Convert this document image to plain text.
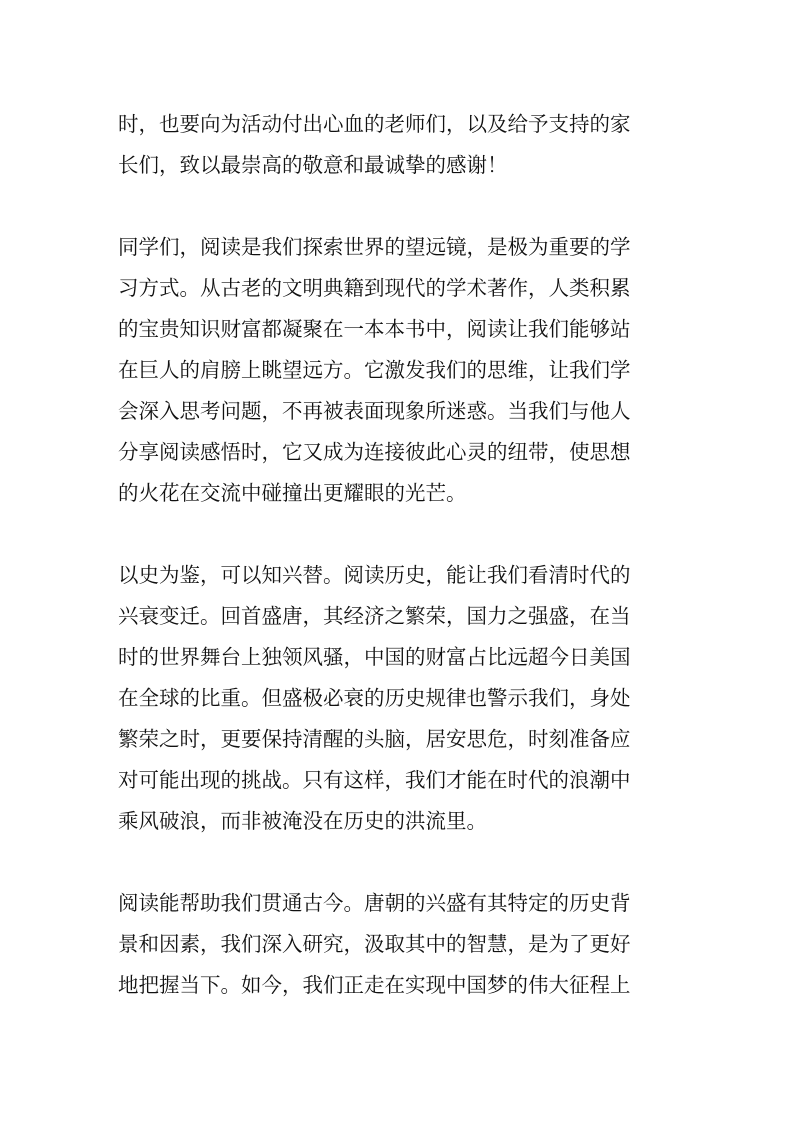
时，也要向为活动付出心血的老师们，以及给予支持的家
长们，致以最崇高的敬意和最诚挚的感谢！
同学们，阅读是我们探索世界的望远镜，是极为重要的学
习方式。从古老的文明典籍到现代的学术著作，人类积累
的宝贵知识财富都凝聚在一本本书中，阅读让我们能够站
在巨人的肩膀上眺望远方。它激发我们的思维，让我们学
会深入思考问题，不再被表面现象所迷惑。当我们与他人
分享阅读感悟时，它又成为连接彼此心灵的纽带，使思想
的火花在交流中碰撞出更耀眼的光芒。
以史为鉴，可以知兴替。阅读历史，能让我们看清时代的
兴衰变迁。回首盛唐，其经济之繁荣，国力之强盛，在当
时的世界舞台上独领风骚，中国的财富占比远超今日美国
在全球的比重。但盛极必衰的历史规律也警示我们，身处
繁荣之时，更要保持清醒的头脑，居安思危，时刻准备应
对可能出现的挑战。只有这样，我们才能在时代的浪潮中
乘风破浪，而非被淹没在历史的洪流里。
阅读能帮助我们贯通古今。唐朝的兴盛有其特定的历史背
景和因素，我们深入研究，汲取其中的智慧，是为了更好
地把握当下。如今，我们正走在实现中国梦的伟大征程上
